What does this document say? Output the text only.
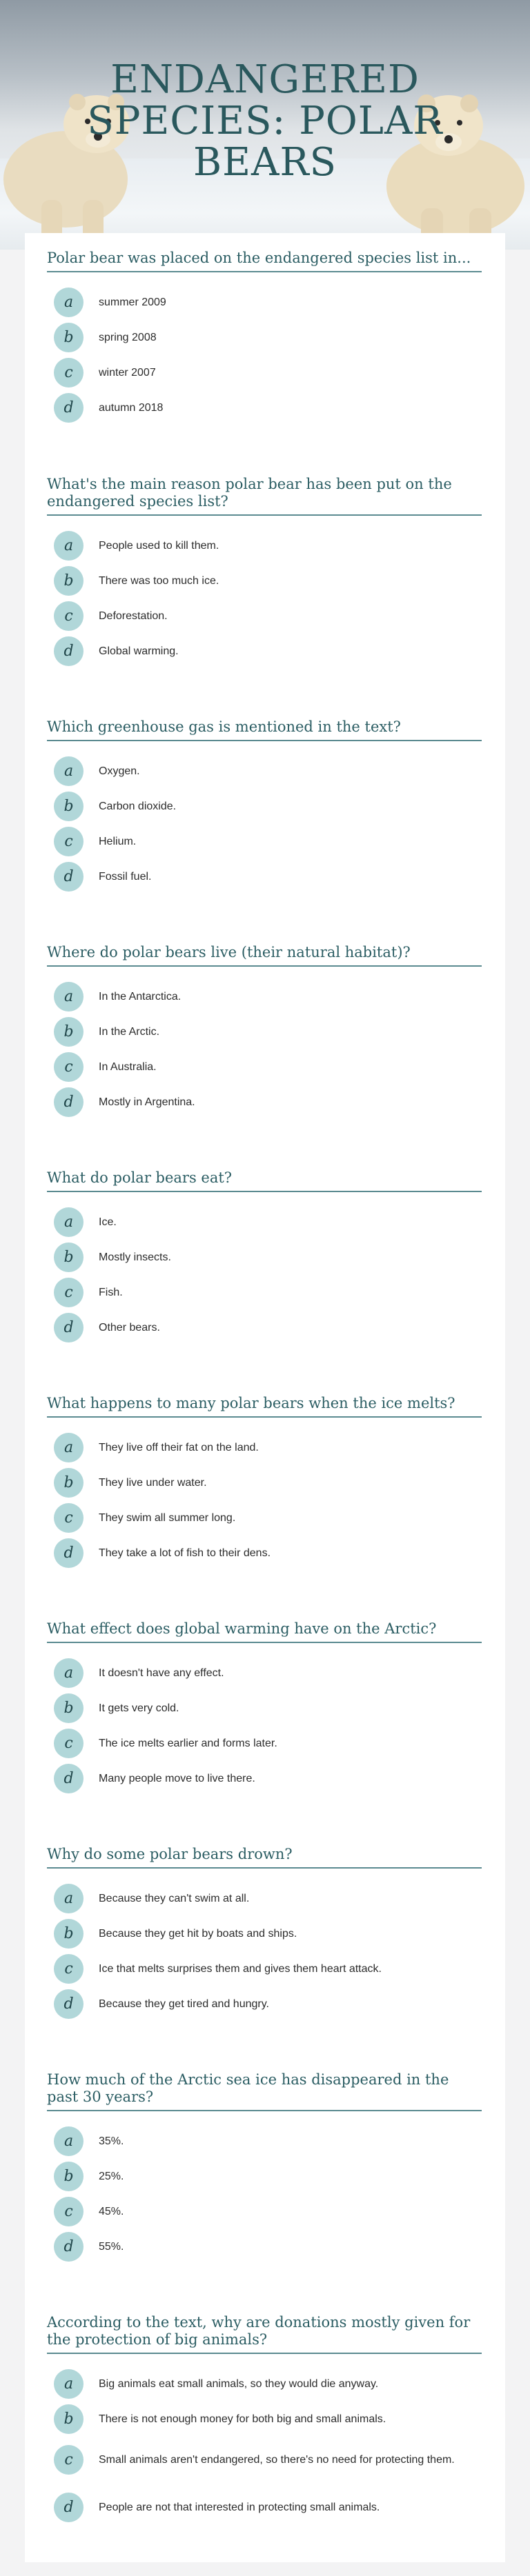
ENDANGERED
SPECIES: POLAR
BEARS
Polar bear was placed on the endangered species list in...
a	summer 2009
b	spring 2008
c	winter 2007
d	autumn 2018
What's the main reason polar bear has been put on the endangered species list?
a	People used to kill them.
b	There was too much ice.
c	Deforestation.
d	Global warming.
Which greenhouse gas is mentioned in the text?
a	Oxygen.
b	Carbon dioxide.
c	Helium.
d	Fossil fuel.
Where do polar bears live (their natural habitat)?
a	In the Antarctica.
b	In the Arctic.
c	In Australia.
d	Mostly in Argentina.
What do polar bears eat?
a	Ice.
b	Mostly insects.
c	Fish.
d	Other bears.
What happens to many polar bears when the ice melts?
a	They live off their fat on the land.
b	They live under water.
c	They swim all summer long.
d	They take a lot of fish to their dens.
What effect does global warming have on the Arctic?
a	It doesn't have any effect.
b	It gets very cold.
c	The ice melts earlier and forms later.
d	Many people move to live there.
Why do some polar bears drown?
a	Because they can't swim at all.
b	Because they get hit by boats and ships.
c	Ice that melts surprises them and gives them heart attack.
d	Because they get tired and hungry.
How much of the Arctic sea ice has disappeared in the past 30 years?
a	35%.
b	25%.
c	45%.
d	55%.
According to the text, why are donations mostly given for the protection of big animals?
a	Big animals eat small animals, so they would die anyway.
b	There is not enough money for both big and small animals.
c	Small animals aren't endangered, so there's no need for protecting them.
d	People are not that interested in protecting small animals.
